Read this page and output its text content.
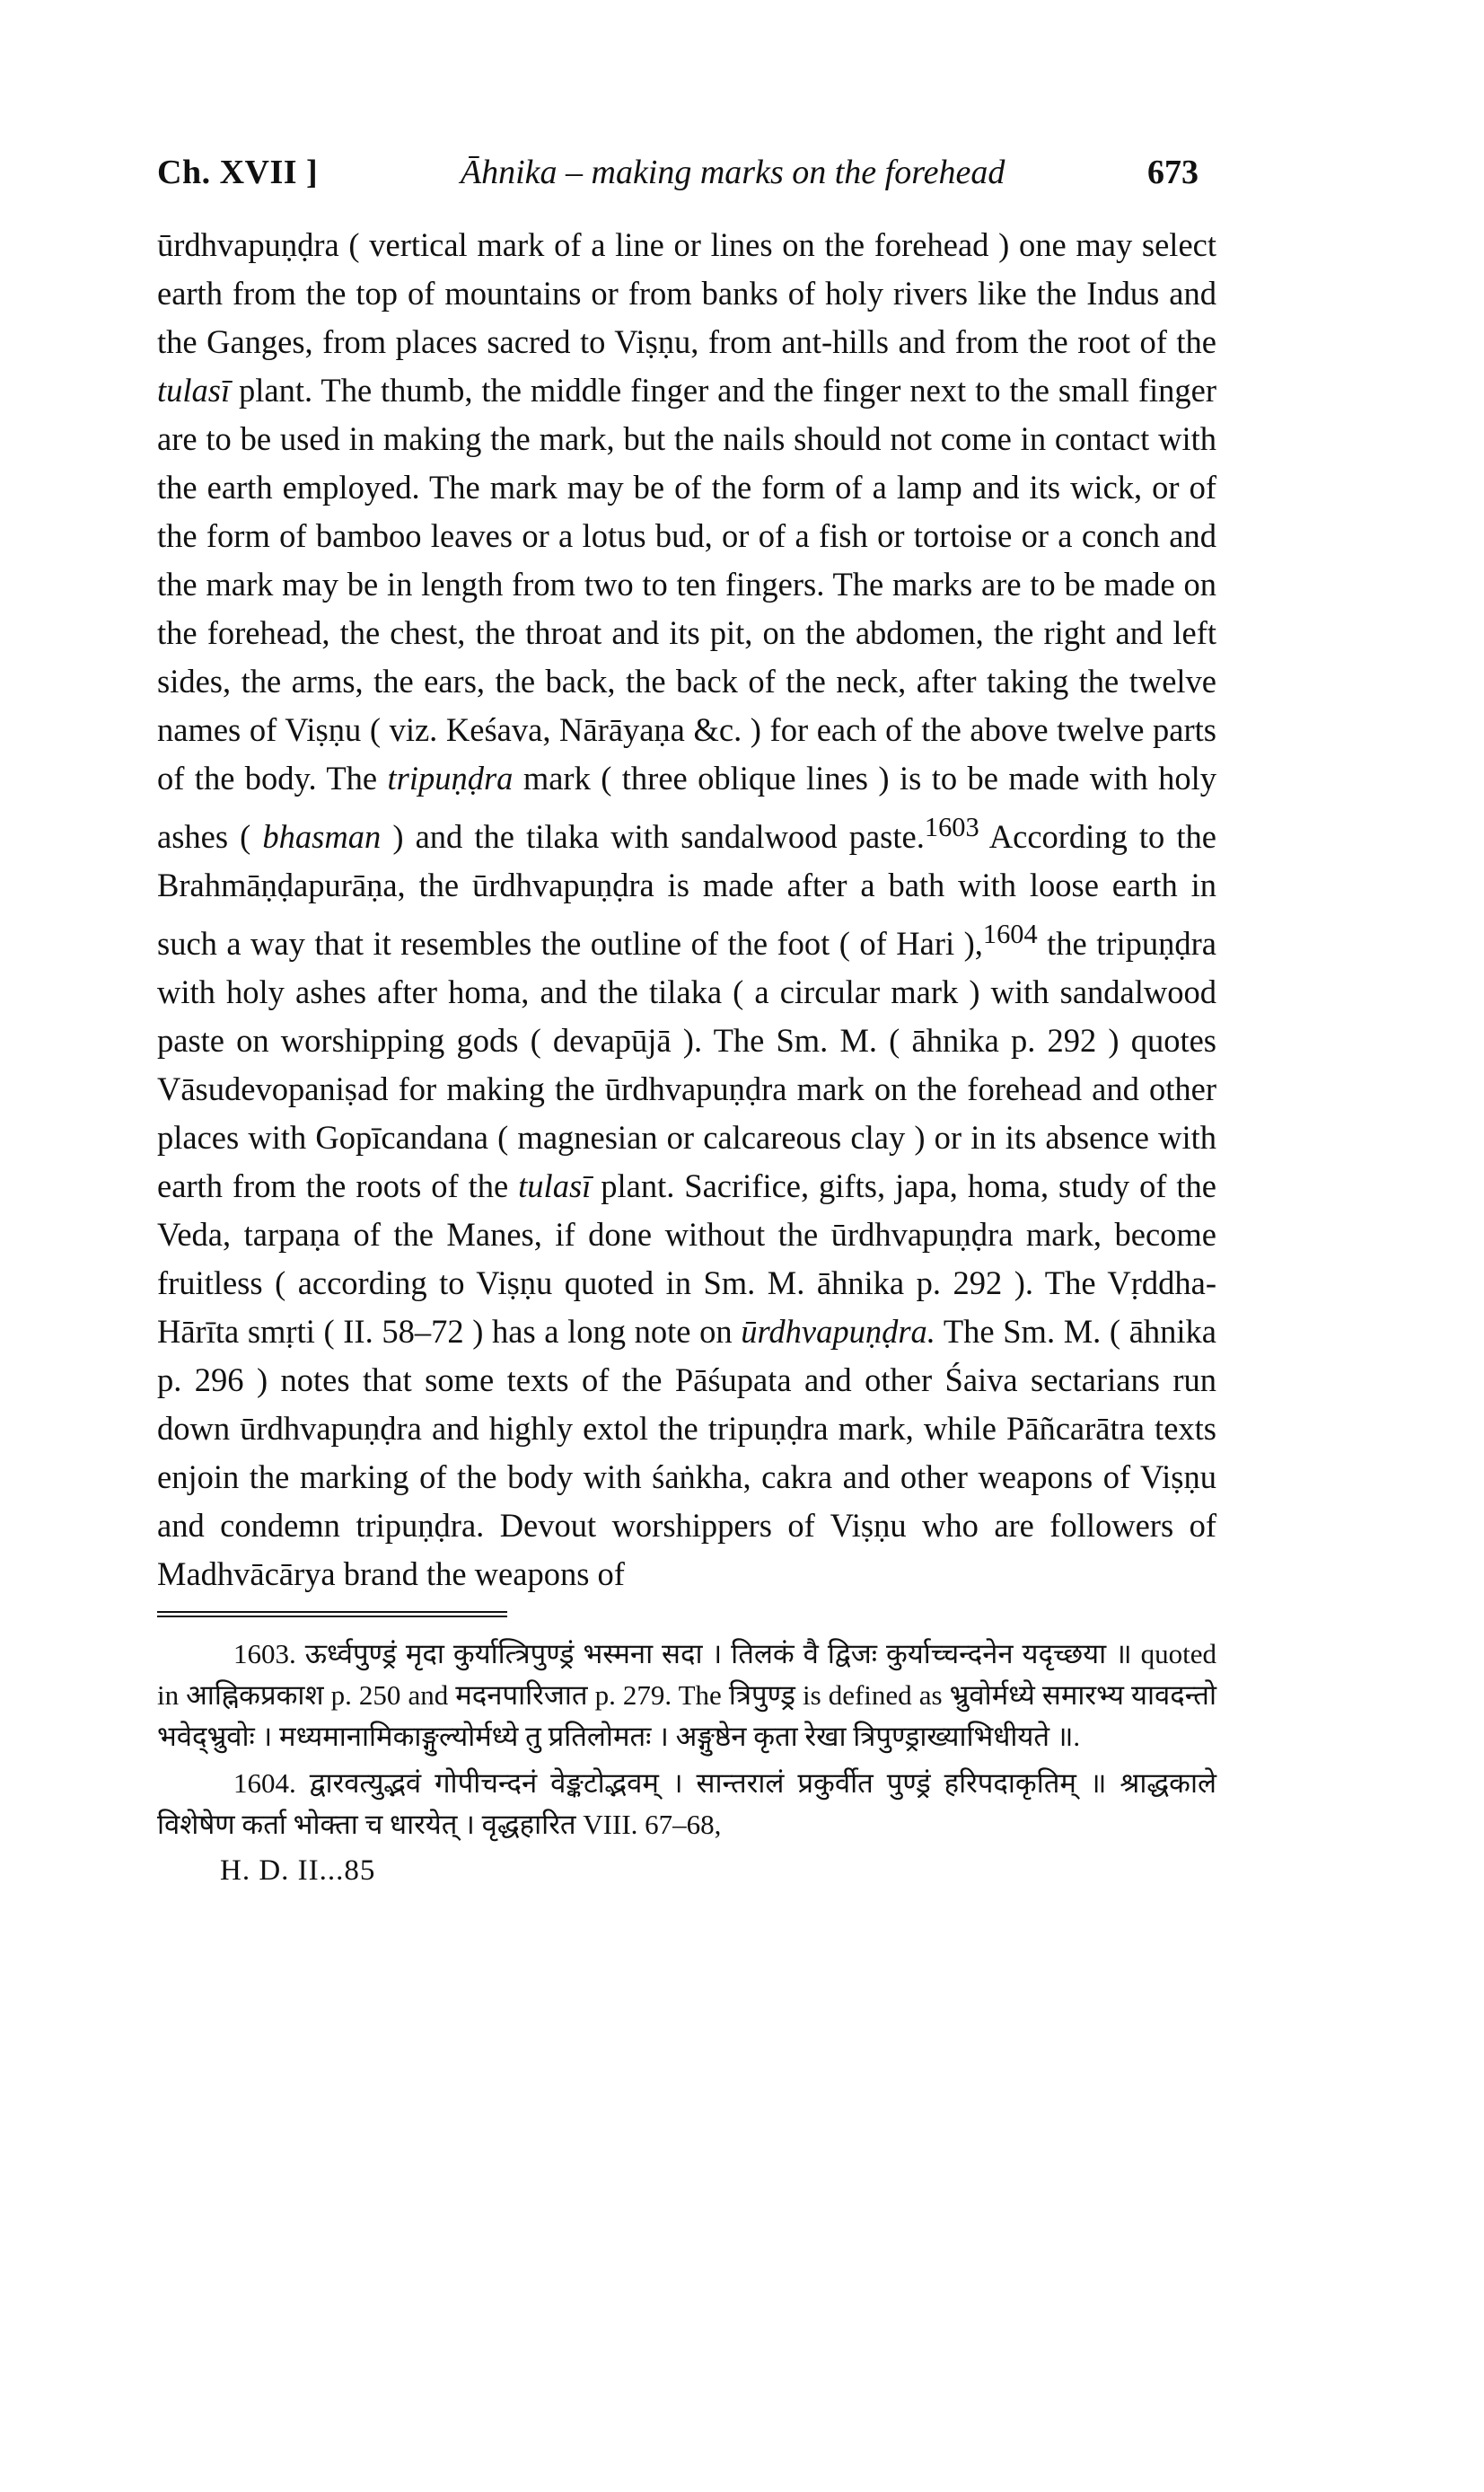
Ch. XVII ]	Āhnika – making marks on the forehead	673

ūrdhvapuṇḍra ( vertical mark of a line or lines on the forehead ) one may select earth from the top of mountains or from banks of holy rivers like the Indus and the Ganges, from places sacred to Viṣṇu, from ant-hills and from the root of the tulasī plant. The thumb, the middle finger and the finger next to the small finger are to be used in making the mark, but the nails should not come in contact with the earth employed. The mark may be of the form of a lamp and its wick, or of the form of bamboo leaves or a lotus bud, or of a fish or tortoise or a conch and the mark may be in length from two to ten fingers. The marks are to be made on the forehead, the chest, the throat and its pit, on the abdomen, the right and left sides, the arms, the ears, the back, the back of the neck, after taking the twelve names of Viṣṇu ( viz. Keśava, Nārāyaṇa &c. ) for each of the above twelve parts of the body. The tripuṇḍra mark ( three oblique lines ) is to be made with holy ashes ( bhasman ) and the tilaka with sandalwood paste.$^{1603}$ According to the Brahmāṇḍapurāṇa, the ūrdhvapuṇḍra is made after a bath with loose earth in such a way that it resembles the outline of the foot ( of Hari ),$^{1604}$ the tripuṇḍra with holy ashes after homa, and the tilaka ( a circular mark ) with sandalwood paste on worshipping gods ( devapūjā ). The Sm. M. ( āhnika p. 292 ) quotes Vāsudevopaniṣad for making the ūrdhvapuṇḍra mark on the forehead and other places with Gopīcandana ( magnesian or calcareous clay ) or in its absence with earth from the roots of the tulasī plant. Sacrifice, gifts, japa, homa, study of the Veda, tarpaṇa of the Manes, if done without the ūrdhvapuṇḍra mark, become fruitless ( according to Viṣṇu quoted in Sm. M. āhnika p. 292 ). The Vṛddha-Hārīta smṛti ( II. 58–72 ) has a long note on ūrdhvapuṇḍra. The Sm. M. ( āhnika p. 296 ) notes that some texts of the Pāśupata and other Śaiva sectarians run down ūrdhvapuṇḍra and highly extol the tripuṇḍra mark, while Pāñcarātra texts enjoin the marking of the body with śaṅkha, cakra and other weapons of Viṣṇu and condemn tripuṇḍra. Devout worshippers of Viṣṇu who are followers of Madhvācārya brand the weapons of

1603. ऊर्ध्वपुण्ड्रं मृदा कुर्यात्त्रिपुण्ड्रं भस्मना सदा । तिलकं वै द्विजः कुर्याच्चन्दनेन यदृच्छया ॥ quoted in आह्निकप्रकाश p. 250 and मदनपारिजात p. 279. The त्रिपुण्ड्र is defined as भ्रुवोर्मध्ये समारभ्य यावदन्तो भवेद्भ्रुवोः । मध्यमानामिकाङ्गुल्योर्मध्ये तु प्रतिलोमतः । अङ्गुष्ठेन कृता रेखा त्रिपुण्ड्राख्याभिधीयते ॥.

1604. द्वारवत्युद्भवं गोपीचन्दनं वेङ्कटोद्भवम् । सान्तरालं प्रकुर्वीत पुण्ड्रं हरिपदाकृतिम् ॥ श्राद्धकाले विशेषेण कर्ता भोक्ता च धारयेत् । वृद्धहारित VIII. 67–68,

H. D. II...85
